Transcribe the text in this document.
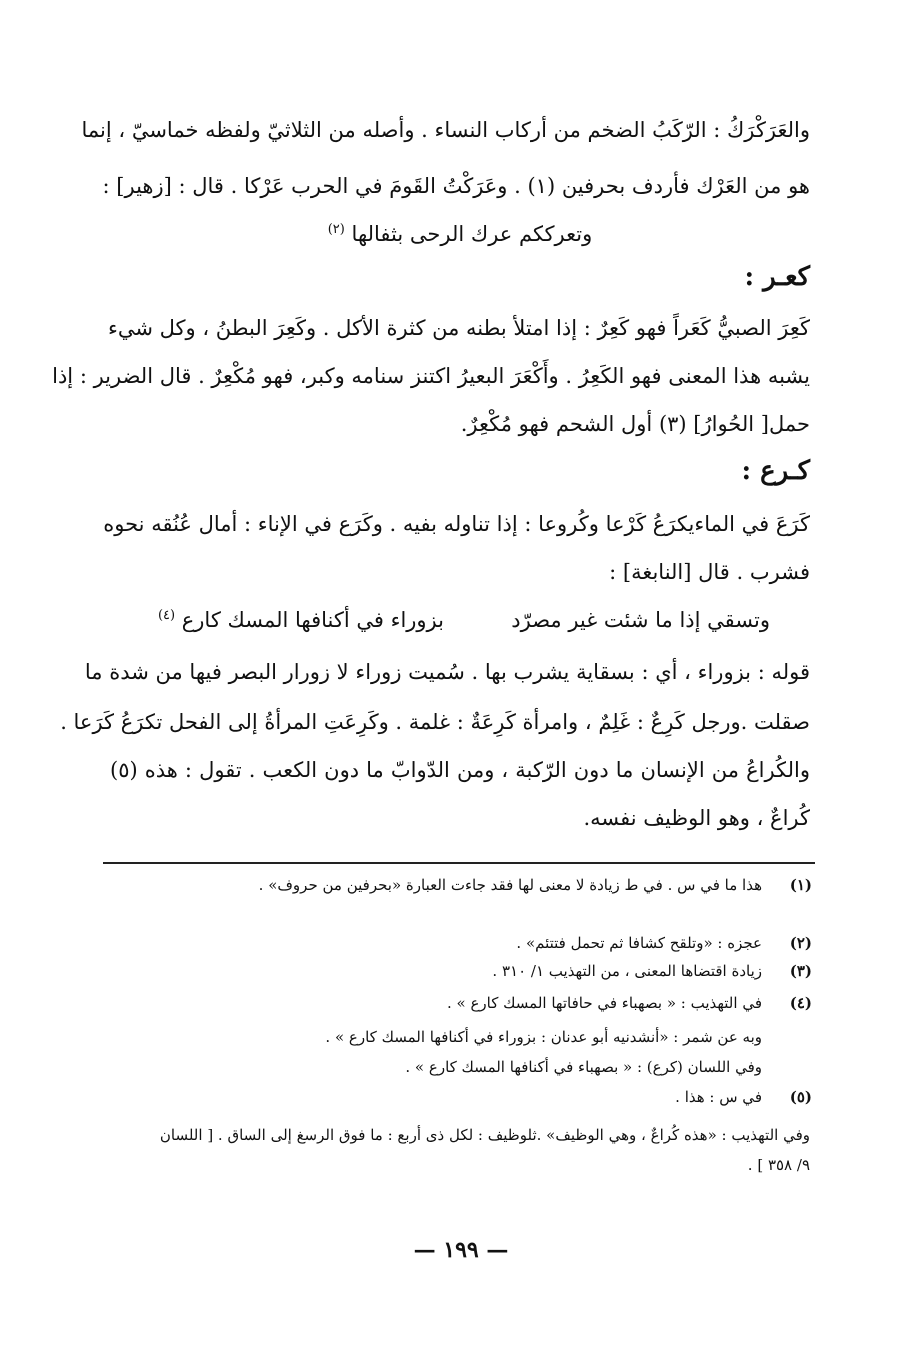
والعَرَكْرَكُ : الرّكَبُ الضخم من أركاب النساء . وأصله من الثلاثيّ ولفظه خماسيّ ، إنما
هو من العَرْك فأردف بحرفين (١) . وعَرَكْتُ القَومَ في الحرب عَرْكا . قال : [زهير] :
وتعرككم عرك الرحى بثفالها $^{(٢)}$
كعـر :
كَعِرَ الصبيُّ كَعَراً فهو كَعِرٌ : إذا امتلأ بطنه من كثرة الأكل . وكَعِرَ البطنُ ، وكل شيء
يشبه هذا المعنى فهو الكَعِرُ . وأَكْعَرَ البعيرُ اكتنز سنامه وكبر، فهو مُكْعِرٌ . قال الضرير : إذا
حمل[ الحُوارُ] (٣) أول الشحم فهو مُكْعِرٌ.
كـرع :
كَرَعَ في الماءيكرَعُ كَرْعا وكُروعا : إذا تناوله بفيه . وكَرَع في الإناء : أمال عُنُقه نحوه
فشرب . قال [النابغة] :
وتسقي إذا ما شئت غير مصرّد
بزوراء في أكنافها المسك كارع $^{(٤)}$
قوله : بزوراء ، أي : بسقاية يشرب بها . سُميت زوراء لا زورار البصر فيها من شدة ما
صقلت .ورجل كَرِعٌ : غَلِمٌ ، وامرأة كَرِعَةٌ : غلمة . وكَرِعَتِ المرأةُ إلى الفحل تكرَعُ كَرَعا .
والكُراعُ من الإنسان ما دون الرّكبة ، ومن الدّوابّ ما دون الكعب . تقول : هذه (٥)
كُراعٌ ، وهو الوظيف نفسه.
(١)
هذا ما في س . في ط زيادة لا معنى لها فقد جاءت العبارة «بحرفين من حروف» .
(٢)
عجزه : «وتلقح كشافا ثم تحمل فتتئم» .
(٣)
زيادة اقتضاها المعنى ، من التهذيب ١/ ٣١٠ .
(٤)
في التهذيب : « بصهباء في حافاتها المسك كارع » .
وبه عن شمر : «أنشدنيه أبو عدنان : بزوراء في أكنافها المسك كارع » .
وفي اللسان (كرع) : « بصهباء في أكنافها المسك كارع » .
(٥)
في س : هذا .
وفي التهذيب : «هذه كُراعٌ ، وهي الوظيف» .ثلوظيف : لكل ذى أربع : ما فوق الرسغ إلى الساق . [ اللسان
٩/ ٣٥٨ ] .
— ١٩٩ —
